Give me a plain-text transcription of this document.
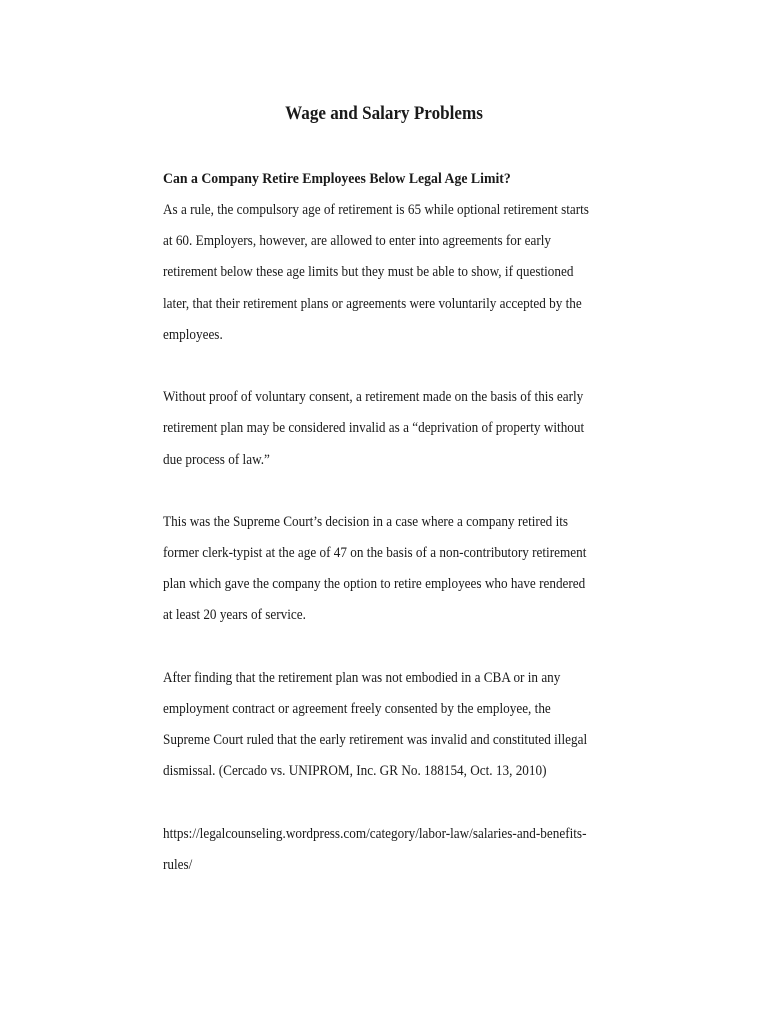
Wage and Salary Problems
Can a Company Retire Employees Below Legal Age Limit?
As a rule, the compulsory age of retirement is 65 while optional retirement starts
at 60. Employers, however, are allowed to enter into agreements for early
retirement below these age limits but they must be able to show, if questioned
later, that their retirement plans or agreements were voluntarily accepted by the
employees.
Without proof of voluntary consent, a retirement made on the basis of this early
retirement plan may be considered invalid as a “deprivation of property without
due process of law.”
This was the Supreme Court’s decision in a case where a company retired its
former clerk-typist at the age of 47 on the basis of a non-contributory retirement
plan which gave the company the option to retire employees who have rendered
at least 20 years of service.
After finding that the retirement plan was not embodied in a CBA or in any
employment contract or agreement freely consented by the employee, the
Supreme Court ruled that the early retirement was invalid and constituted illegal
dismissal. (Cercado vs. UNIPROM, Inc. GR No. 188154, Oct. 13, 2010)
https://legalcounseling.wordpress.com/category/labor-law/salaries-and-benefits-
rules/
